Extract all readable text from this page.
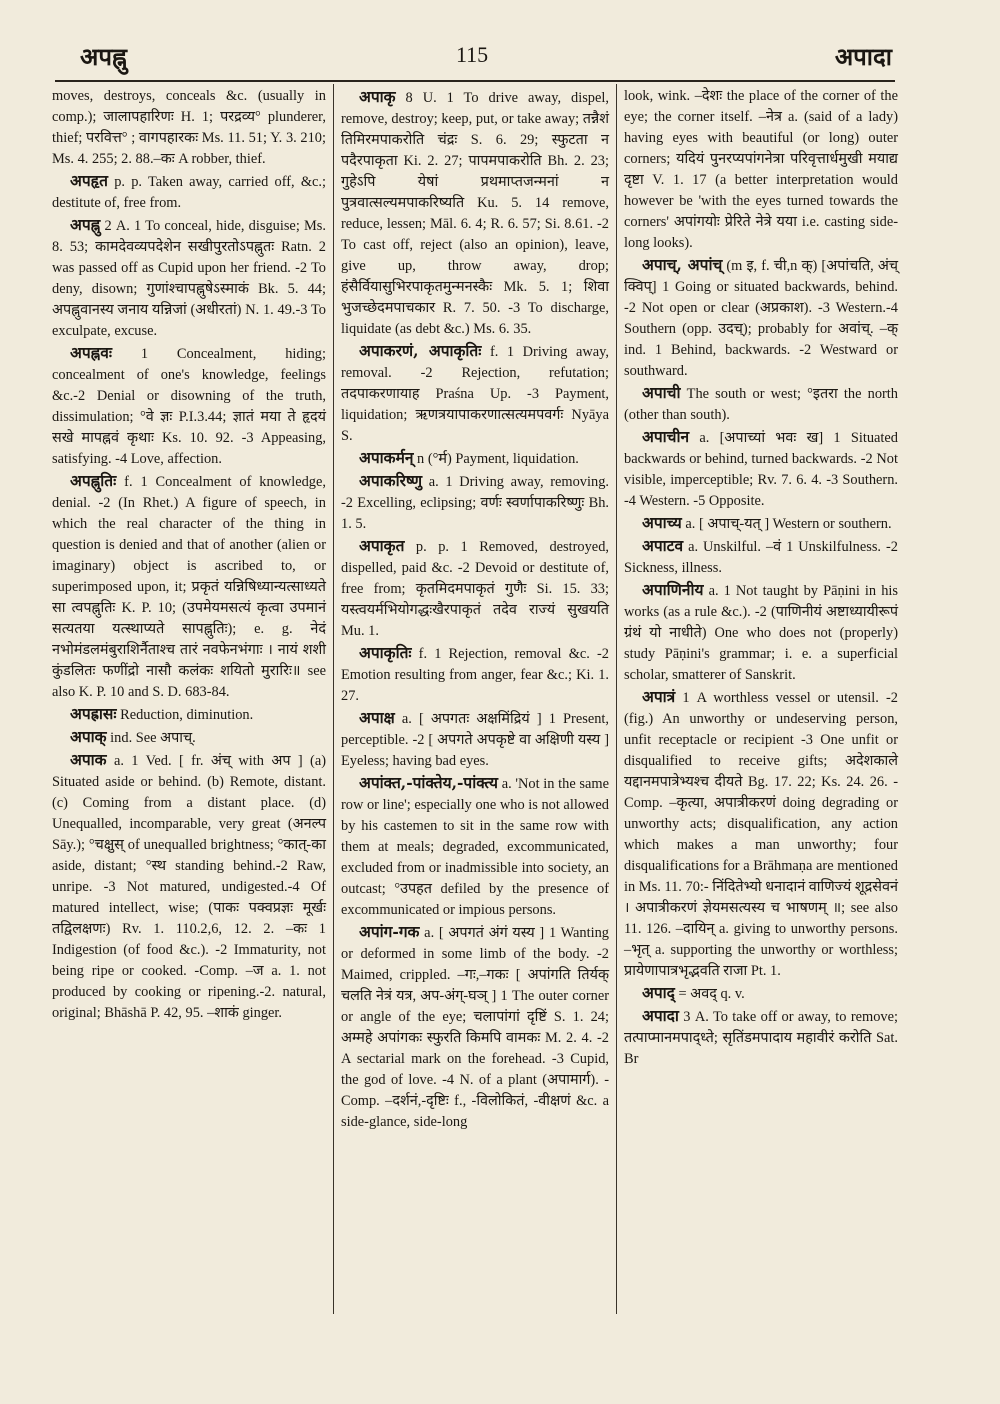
अपह्नु	115	अपादा

moves, destroys, conceals &c. (usually in comp.); जालापहारिणः H. 1; परद्रव्य° plunderer, thief; परवित्त° ; वागपहारकः Ms. 11. 51; Y. 3. 210; Ms. 4. 255; 2. 88.–कः A robber, thief.

अपहृत p. p. Taken away, carried off, &c.; destitute of, free from.

अपह्नु 2 A. 1 To conceal, hide, disguise; Ms. 8. 53; कामदेवव्यपदेशेन सखीपुरतोऽपह्नुतः Ratn. 2 was passed off as Cupid upon her friend. -2 To deny, disown; गुणांश्चापह्नुषेऽस्माकं Bk. 5. 44; अपह्नुवानस्य जनाय यन्निजां (अधीरतां) N. 1. 49.-3 To exculpate, excuse.

अपह्नवः 1 Concealment, hiding; concealment of one's knowledge, feelings &c.-2 Denial or disowning of the truth, dissimulation; °वे ज्ञः P.I.3.44; ज्ञातं मया ते हृदयं सखे मापह्नवं कृथाः Ks. 10. 92. -3 Appeasing, satisfying. -4 Love, affection.

अपह्नुतिः f. 1 Concealment of knowledge, denial. -2 (In Rhet.) A figure of speech, in which the real character of the thing in question is denied and that of another (alien or imaginary) object is ascribed to, or superimposed upon, it; प्रकृतं यन्निषिध्यान्यत्साध्यते सा त्वपह्नुतिः K. P. 10; (उपमेयमसत्यं कृत्वा उपमानं सत्यतया यत्स्थाप्यते सापह्नुतिः); e. g. नेदं नभोमंडलमंबुराशिर्नैताश्च तारं नवफेनभंगाः । नायं शशी कुंडलितः फणींद्रो नासौ कलंकः शयितो मुरारिः॥ see also K. P. 10 and S. D. 683-84.

अपह्रासः Reduction, diminution.

अपाक् ind. See अपाच्.

अपाक a. 1 Ved. [ fr. अंच् with अप ] (a) Situated aside or behind. (b) Remote, distant. (c) Coming from a distant place. (d) Unequalled, incomparable, very great (अनल्प Sāy.); °चक्षुस् of unequalled brightness; °कात्-का aside, distant; °स्थ standing behind.-2 Raw, unripe. -3 Not matured, undigested.-4 Of matured intellect, wise; (पाकः पक्वप्रज्ञः मूर्खः तद्विलक्षणः) Rv. 1. 110.2,6, 12. 2. –कः 1 Indigestion (of food &c.). -2 Immaturity, not being ripe or cooked. -Comp. –ज a. 1. not produced by cooking or ripening.-2. natural, original; Bhāshā P. 42, 95. –शाकं ginger.

अपाकृ 8 U. 1 To drive away, dispel, remove, destroy; keep, put, or take away; तन्नैशं तिमिरमपाकरोति चंद्रः S. 6. 29; स्फुटता न पदैरपाकृता Ki. 2. 27; पापमपाकरोति Bh. 2. 23; गुहेऽपि येषां प्रथमाप्तजन्मनां न पुत्रवात्सल्यमपाकरिष्यति Ku. 5. 14 remove, reduce, lessen; Māl. 6. 4; R. 6. 57; Si. 8.61. -2 To cast off, reject (also an opinion), leave, give up, throw away, drop; हंसैर्वियासुभिरपाकृतमुन्मनस्कैः Mk. 5. 1; शिवा भुजच्छेदमपाचकार R. 7. 50. -3 To discharge, liquidate (as debt &c.) Ms. 6. 35.

अपाकरणं, अपाकृतिः f. 1 Driving away, removal. -2 Rejection, refutation; तदपाकरणायाह Praśna Up. -3 Payment, liquidation; ऋणत्रयापाकरणात्सत्यमपवर्गः Nyāya S.

अपाकर्मन् n (°र्म) Payment, liquidation.

अपाकरिष्णु a. 1 Driving away, removing. -2 Excelling, eclipsing; वर्णः स्वर्णापाकरिष्णुः Bh. 1. 5.

अपाकृत p. p. 1 Removed, destroyed, dispelled, paid &c. -2 Devoid or destitute of, free from; कृतमिदमपाकृतं गुणैः Si. 15. 33; यस्त्वयर्मभियोगद्धःखैरपाकृतं तदेव राज्यं सुखयति Mu. 1.

अपाकृतिः f. 1 Rejection, removal &c. -2 Emotion resulting from anger, fear &c.; Ki. 1. 27.

अपाक्ष a. [ अपगतः अक्षमिंद्रियं ] 1 Present, perceptible. -2 [ अपगते अपकृष्टे वा अक्षिणी यस्य ] Eyeless; having bad eyes.

अपांक्त,-पांक्तेय,-पांक्त्य a. 'Not in the same row or line'; especially one who is not allowed by his castemen to sit in the same row with them at meals; degraded, excommunicated, excluded from or inadmissible into society, an outcast; °उपहत defiled by the presence of excommunicated or impious persons.

अपांग-गक a. [ अपगतं अंगं यस्य ] 1 Wanting or deformed in some limb of the body. -2 Maimed, crippled. –गः,–गकः [ अपांगति तिर्यक् चलति नेत्रं यत्र, अप-अंग्-घञ् ] 1 The outer corner or angle of the eye; चलापांगां दृष्टिं S. 1. 24; अम्महे अपांगकः स्फुरति किमपि वामकः M. 2. 4. -2 A sectarial mark on the forehead. -3 Cupid, the god of love. -4 N. of a plant (अपामार्ग). -Comp. –दर्शनं,-दृष्टिः f., -विलोकितं, -वीक्षणं &c. a side-glance, side-long

look, wink. –देशः the place of the corner of the eye; the corner itself. –नेत्र a. (said of a lady) having eyes with beautiful (or long) outer corners; यदियं पुनरप्यपांगनेत्रा परिवृत्तार्धमुखी मयाद्य दृष्टा V. 1. 17 (a better interpretation would however be 'with the eyes turned towards the corners' अपांगयोः प्रेरिते नेत्रे यया i.e. casting side-long looks).

अपाच्, अपांच् (m इ, f. ची,n क्) [अपांचति, अंच् क्विप्] 1 Going or situated backwards, behind. -2 Not open or clear (अप्रकाश). -3 Western.-4 Southern (opp. उदच्); probably for अवांच्. –क् ind. 1 Behind, backwards. -2 Westward or southward.

अपाची The south or west; °इतरा the north (other than south).

अपाचीन a. [अपाच्यां भवः ख] 1 Situated backwards or behind, turned backwards. -2 Not visible, imperceptible; Rv. 7. 6. 4. -3 Southern. -4 Western. -5 Opposite.

अपाच्य a. [ अपाच्-यत् ] Western or southern.

अपाटव a. Unskilful. –वं 1 Unskilfulness. -2 Sickness, illness.

अपाणिनीय a. 1 Not taught by Pāṇini in his works (as a rule &c.). -2 (पाणिनीयं अष्टाध्यायीरूपं ग्रंथं यो नाधीते) One who does not (properly) study Pāṇini's grammar; i. e. a superficial scholar, smatterer of Sanskrit.

अपात्रं 1 A worthless vessel or utensil. -2 (fig.) An unworthy or undeserving person, unfit receptacle or recipient -3 One unfit or disqualified to receive gifts; अदेशकाले यद्दानमपात्रेभ्यश्च दीयते Bg. 17. 22; Ks. 24. 26. -Comp. –कृत्या, अपात्रीकरणं doing degrading or unworthy acts; disqualification, any action which makes a man unworthy; four disqualifications for a Brāhmaṇa are mentioned in Ms. 11. 70:- निंदितेभ्यो धनादानं वाणिज्यं शूद्रसेवनं । अपात्रीकरणं ज्ञेयमसत्यस्य च भाषणम् ॥; see also 11. 126. –दायिन् a. giving to unworthy persons. –भृत् a. supporting the unworthy or worthless; प्रायेणापात्रभृद्भवति राजा Pt. 1.

अपाद् = अवद् q. v.

अपादा 3 A. To take off or away, to remove; तत्पाप्मानमपाद्ध्ते; सृतिंडमपादाय महावीरं करोति Sat. Br
